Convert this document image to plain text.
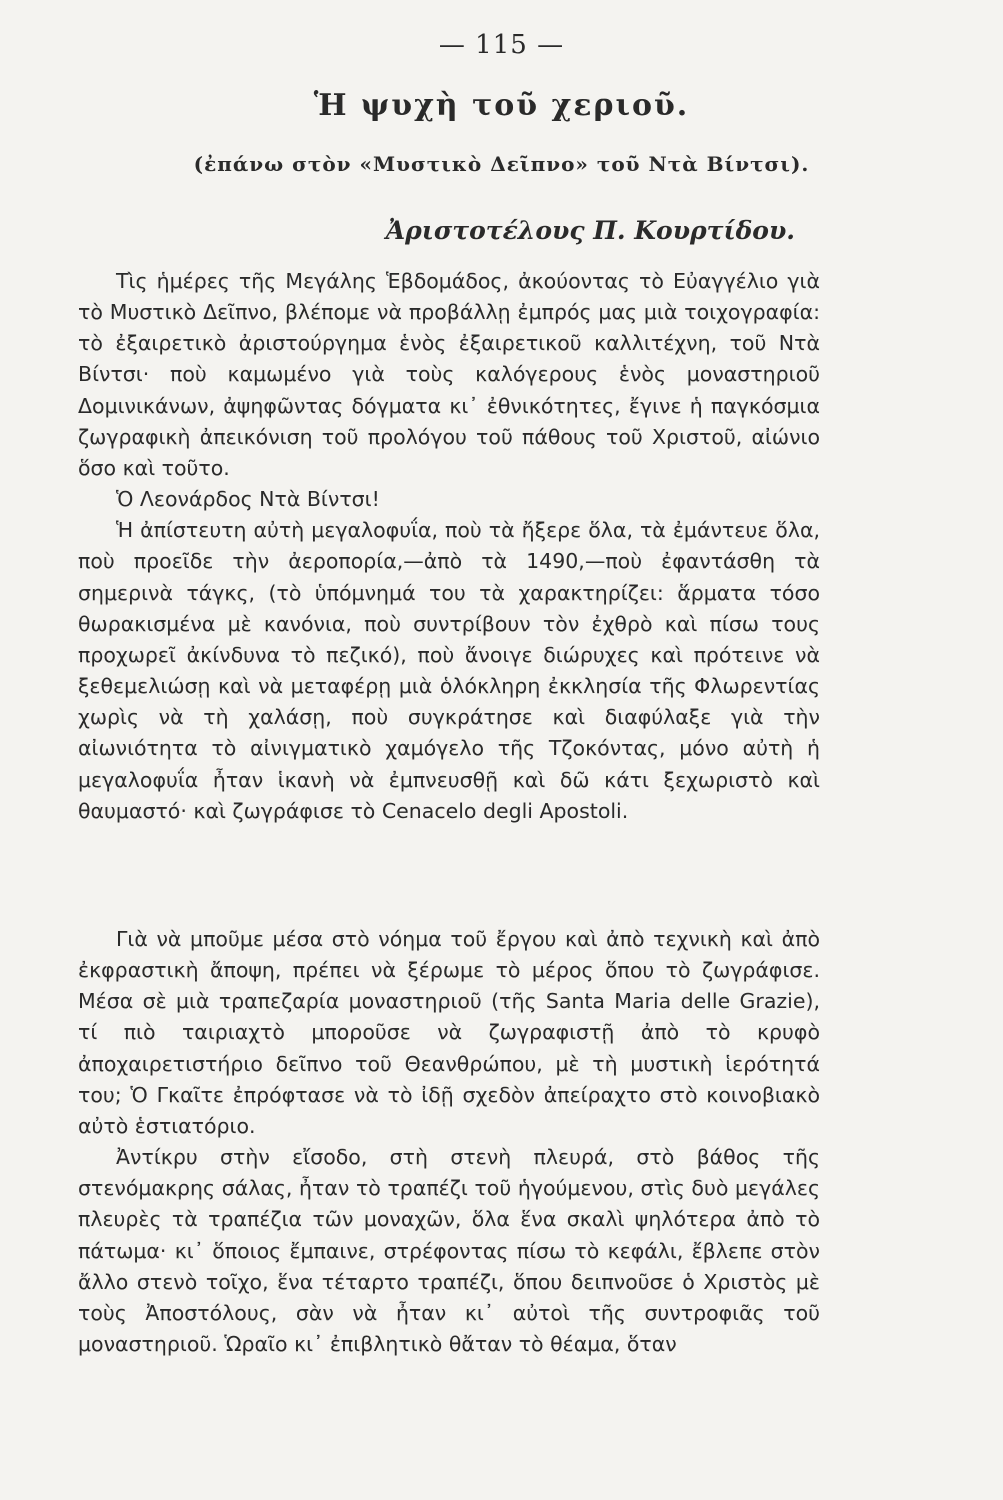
— 115 —
Ἡ ψυχὴ τοῦ χεριοῦ.
(ἐπάνω στὸν «Μυστικὸ Δεῖπνο» τοῦ Ντὰ Βίντσι).
Ἀριστοτέλους Π. Κουρτίδου.

Τὶς ἡμέρες τῆς Μεγάλης Ἑβδομάδος, ἀκούοντας τὸ Εὐαγγέλιο γιὰ τὸ Μυστικὸ Δεῖπνο, βλέπομε νὰ προβάλλῃ ἐμπρός μας μιὰ τοιχογραφία: τὸ ἐξαιρετικὸ ἀριστούργημα ἑνὸς ἐξαιρετικοῦ καλλιτέχνη, τοῦ Ντὰ Βίντσι· ποὺ καμωμένο γιὰ τοὺς καλόγερους ἑνὸς μοναστηριοῦ Δομινικάνων, ἀψηφῶντας δόγματα κι᾿ ἐθνικότητες, ἔγινε ἡ παγκόσμια ζωγραφικὴ ἀπεικόνιση τοῦ προλόγου τοῦ πάθους τοῦ Χριστοῦ, αἰώνιο ὅσο καὶ τοῦτο.

Ὁ Λεονάρδος Ντὰ Βίντσι!

Ἡ ἀπίστευτη αὐτὴ μεγαλοφυΐα, ποὺ τὰ ἤξερε ὅλα, τὰ ἐμάντευε ὅλα, ποὺ προεῖδε τὴν ἀεροπορία,—ἀπὸ τὰ 1490,—ποὺ ἐφαντάσθη τὰ σημερινὰ τάγκς, (τὸ ὑπόμνημά του τὰ χαρακτηρίζει: ἅρματα τόσο θωρακισμένα μὲ κανόνια, ποὺ συντρίβουν τὸν ἐχθρὸ καὶ πίσω τους προχωρεῖ ἀκίνδυνα τὸ πεζικό), ποὺ ἄνοιγε διώρυχες καὶ πρότεινε νὰ ξεθεμελιώσῃ καὶ νὰ μεταφέρῃ μιὰ ὁλόκληρη ἐκκλησία τῆς Φλωρεντίας χωρὶς νὰ τὴ χαλάσῃ, ποὺ συγκράτησε καὶ διαφύλαξε γιὰ τὴν αἰωνιότητα τὸ αἰνιγματικὸ χαμόγελο τῆς Τζοκόντας, μόνο αὐτὴ ἡ μεγαλοφυΐα ἦταν ἱκανὴ νὰ ἐμπνευσθῇ καὶ δῶ κάτι ξεχωριστὸ καὶ θαυμαστό· καὶ ζωγράφισε τὸ Cenacelo degli Apostoli.

Γιὰ νὰ μποῦμε μέσα στὸ νόημα τοῦ ἔργου καὶ ἀπὸ τεχνικὴ καὶ ἀπὸ ἐκφραστικὴ ἄποψη, πρέπει νὰ ξέρωμε τὸ μέρος ὅπου τὸ ζωγράφισε. Μέσα σὲ μιὰ τραπεζαρία μοναστηριοῦ (τῆς Santa Maria delle Grazie), τί πιὸ ταιριαχτὸ μποροῦσε νὰ ζωγραφιστῇ ἀπὸ τὸ κρυφὸ ἀποχαιρετιστήριο δεῖπνο τοῦ Θεανθρώπου, μὲ τὴ μυστικὴ ἱερότητά του; Ὁ Γκαῖτε ἐπρόφτασε νὰ τὸ ἰδῇ σχεδὸν ἀπείραχτο στὸ κοινοβιακὸ αὐτὸ ἑστιατόριο.

Ἀντίκρυ στὴν εἴσοδο, στὴ στενὴ πλευρά, στὸ βάθος τῆς στενόμακρης σάλας, ἦταν τὸ τραπέζι τοῦ ἡγούμενου, στὶς δυὸ μεγάλες πλευρὲς τὰ τραπέζια τῶν μοναχῶν, ὅλα ἕνα σκαλὶ ψηλότερα ἀπὸ τὸ πάτωμα· κι᾿ ὅποιος ἔμπαινε, στρέφοντας πίσω τὸ κεφάλι, ἔβλεπε στὸν ἄλλο στενὸ τοῖχο, ἕνα τέταρτο τραπέζι, ὅπου δειπνοῦσε ὁ Χριστὸς μὲ τοὺς Ἀποστόλους, σὰν νὰ ἦταν κι᾿ αὐτοὶ τῆς συντροφιᾶς τοῦ μοναστηριοῦ. Ὡραῖο κι᾿ ἐπιβλητικὸ θἄταν τὸ θέαμα, ὅταν
